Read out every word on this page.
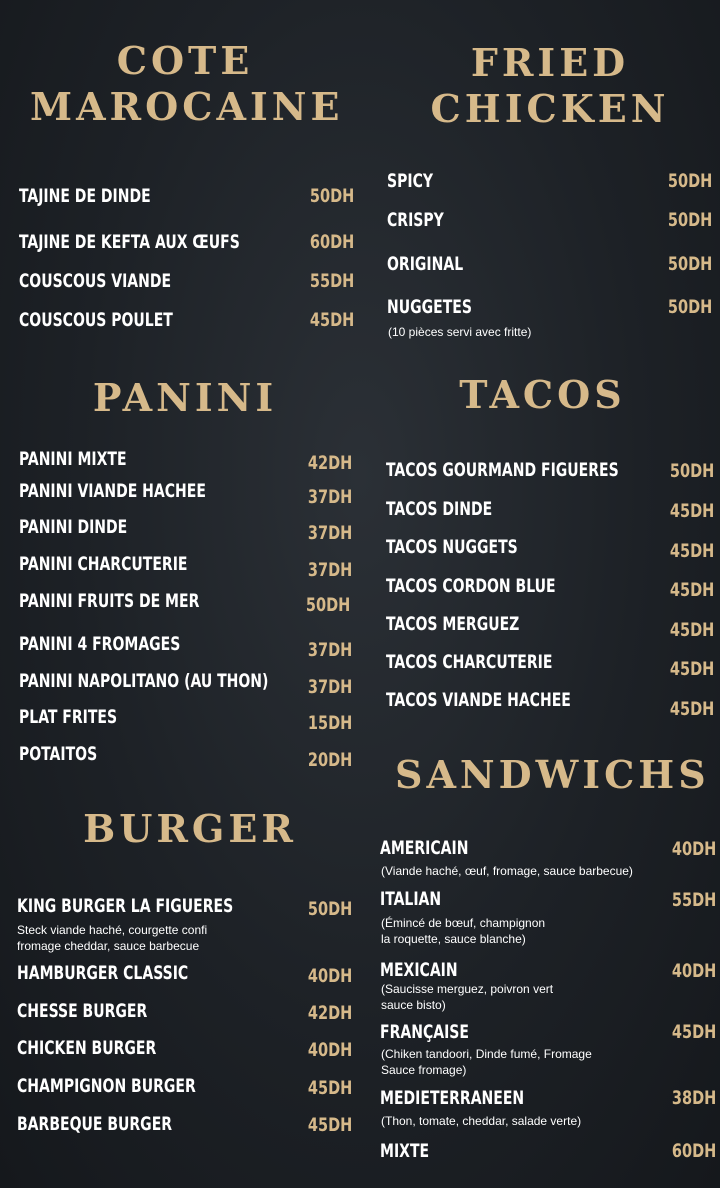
COTE
MAROCAINE
TAJINE DE DINDE	50DH
TAJINE DE KEFTA AUX ŒUFS	60DH
COUSCOUS VIANDE	55DH
COUSCOUS POULET	45DH
FRIED
CHICKEN
SPICY	50DH
CRISPY	50DH
ORIGINAL	50DH
NUGGETES	50DH
(10 pièces servi avec fritte)
PANINI
PANINI MIXTE	42DH
PANINI VIANDE HACHEE	37DH
PANINI DINDE	37DH
PANINI CHARCUTERIE	37DH
PANINI FRUITS DE MER	50DH
PANINI 4 FROMAGES	37DH
PANINI NAPOLITANO (AU THON)	37DH
PLAT FRITES	15DH
POTAITOS	20DH
TACOS
TACOS GOURMAND FIGUERES	50DH
TACOS DINDE	45DH
TACOS NUGGETS	45DH
TACOS CORDON BLUE	45DH
TACOS MERGUEZ	45DH
TACOS CHARCUTERIE	45DH
TACOS VIANDE HACHEE	45DH
BURGER
KING BURGER LA FIGUERES	50DH
Steck viande haché, courgette confi
fromage cheddar, sauce barbecue
HAMBURGER CLASSIC	40DH
CHESSE BURGER	42DH
CHICKEN BURGER	40DH
CHAMPIGNON BURGER	45DH
BARBEQUE BURGER	45DH
SANDWICHS
AMERICAIN	40DH
(Viande haché, œuf, fromage, sauce barbecue)
ITALIAN	55DH
(Émincé de bœuf, champignon
la roquette, sauce blanche)
MEXICAIN	40DH
(Saucisse merguez, poivron vert
sauce bisto)
FRANÇAISE	45DH
(Chiken tandoori, Dinde fumé, Fromage
Sauce fromage)
MEDIETERRANEEN	38DH
(Thon, tomate, cheddar, salade verte)
MIXTE	60DH
